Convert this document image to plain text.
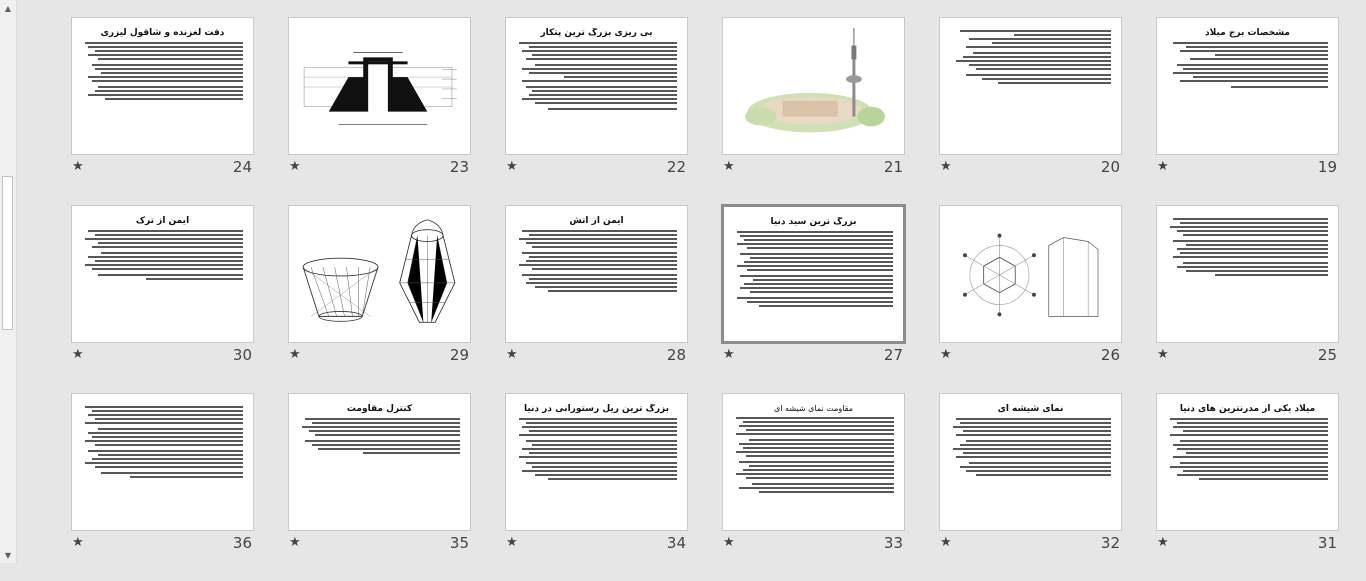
▲
▼
مشخصات برج میلاد
★	19
★	20
★	21
بی ریزی بزرگ ترین پتکار
★	22
★	23
دقت لغزنده و شاقول لیزری
★	24
★	25
★	26
بزرگ ترین سید دنیا
★	27
ایمن از آتش
★	28
★	29
ایمن از ترک
★	30
میلاد یکی از مدرنترین های دنیا
★	31
نمای شیشه ای
★	32
مقاومت نمای شیشه ای
★	33
بزرگ ترین ریل رستورانی در دنیا
★	34
کنترل مقاومت
★	35
★	36
